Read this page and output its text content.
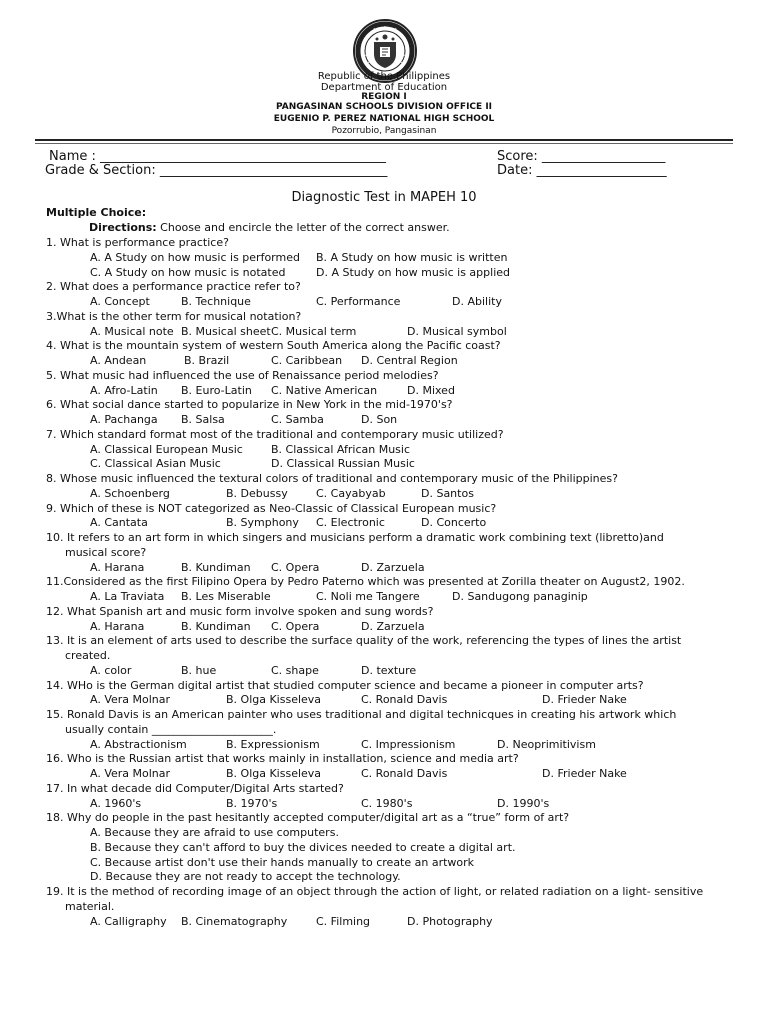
Republic of the Philippines
Department of Education
REGION I
PANGASINAN SCHOOLS DIVISION OFFICE II
EUGENIO P. PEREZ NATIONAL HIGH SCHOOL
Pozorrubio, Pangasinan
Name : ____________________________________________
Grade & Section: ___________________________________
Score: ___________________
Date: ____________________
Diagnostic Test in MAPEH 10
Multiple Choice:
Directions: Choose and encircle the letter of the correct answer.
1. What is performance practice?
A. A Study on how music is performed B. A Study on how music is written
C. A Study on how music is notated	D. A Study on how music is applied
2. What does a performance practice refer to?
A. Concept	B. Technique	C. Performance	D. Ability
3.What is the other term for musical notation?
A. Musical note B. Musical sheet C. Musical term	D. Musical symbol
4. What is the mountain system of western South America along the Pacific coast?
A. Andean	B. Brazil	C. Caribbean D. Central Region
5. What music had influenced the use of Renaissance period melodies?
A. Afro-Latin B. Euro-Latin C. Native American	D. Mixed
6. What social dance started to popularize in New York in the mid-1970's?
A. Pachanga B. Salsa	C. Samba	D. Son
7. Which standard format most of the traditional and contemporary music utilized?
A. Classical European Music	B. Classical African Music
C. Classical Asian Music	D. Classical Russian Music
8. Whose music influenced the textural colors of traditional and contemporary music of the Philippines?
A. Schoenberg	B. Debussy	C. Cayabyab	D. Santos
9. Which of these is NOT categorized as Neo-Classic of Classical European music?
A. Cantata	B. Symphony C. Electronic	D. Concerto
10. It refers to an art form in which singers and musicians perform a dramatic work combining text (libretto)and
musical score?
A. Harana	B. Kundiman C. Opera	D. Zarzuela
11.Considered as the first Filipino Opera by Pedro Paterno which was presented at Zorilla theater on August2, 1902.
A. La Traviata B. Les Miserable	C. Noli me Tangere	D. Sandugong panaginip
12. What Spanish art and music form involve spoken and sung words?
A. Harana	B. Kundiman C. Opera	D. Zarzuela
13. It is an element of arts used to describe the surface quality of the work, referencing the types of lines the artist
created.
A. color	B. hue	C. shape	D. texture
14. WHo is the German digital artist that studied computer science and became a pioneer in computer arts?
A. Vera Molnar	B. Olga Kisseleva	C. Ronald Davis	D. Frieder Nake
15. Ronald Davis is an American painter who uses traditional and digital technicques in creating his artwork which
usually contain ______________________.
A. Abstractionism	B. Expressionism	C. Impressionism	D. Neoprimitivism
16. Who is the Russian artist that works mainly in installation, science and media art?
A. Vera Molnar	B. Olga Kisseleva	C. Ronald Davis	D. Frieder Nake
17. In what decade did Computer/Digital Arts started?
A. 1960's	B. 1970's	C. 1980's	D. 1990's
18. Why do people in the past hesitantly accepted computer/digital art as a “true” form of art?
A. Because they are afraid to use computers.
B. Because they can't afford to buy the divices needed to create a digital art.
C. Because artist don't use their hands manually to create an artwork
D. Because they are not ready to accept the technology.
19. It is the method of recording image of an object through the action of light, or related radiation on a light- sensitive
material.
A. Calligraphy B. Cinematography	C. Filming	D. Photography
